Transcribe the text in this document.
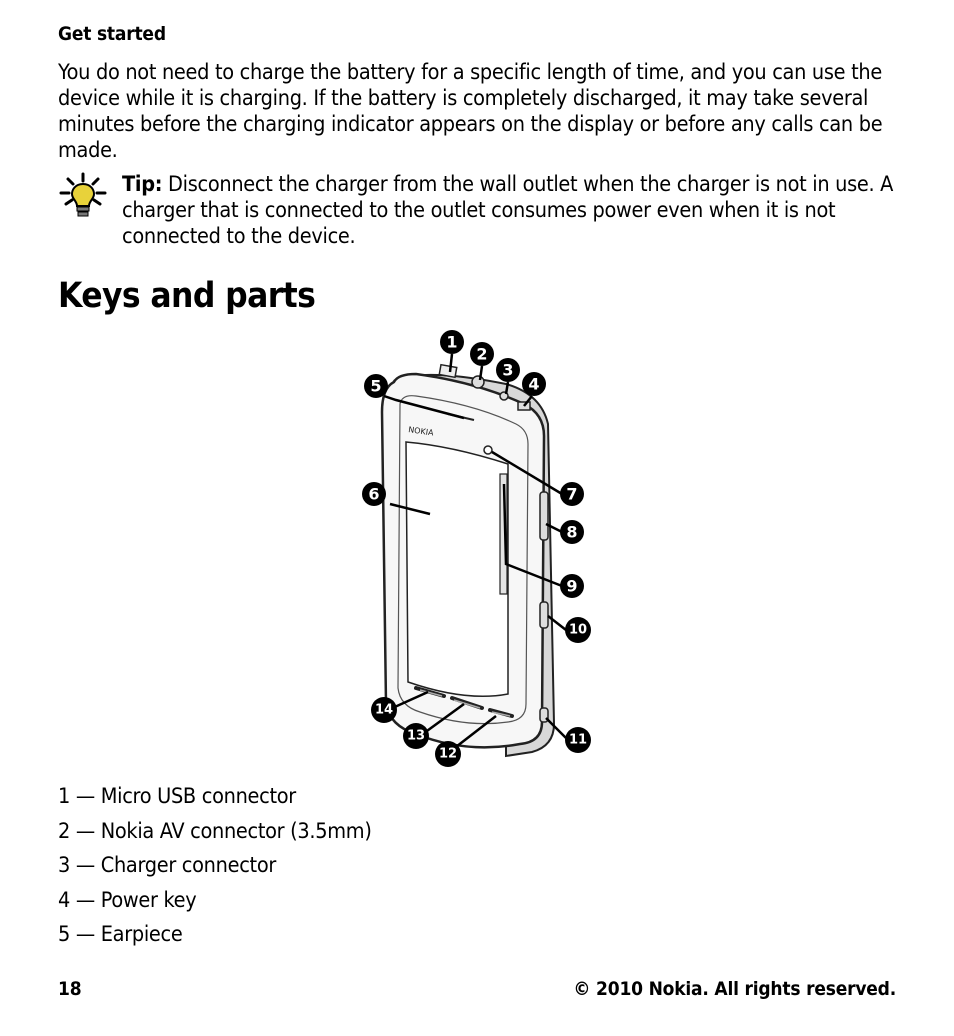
Get started
You do not need to charge the battery for a specific length of time, and you can use the device while it is charging. If the battery is completely discharged, it may take several minutes before the charging indicator appears on the display or before any calls can be made.
Tip: Disconnect the charger from the wall outlet when the charger is not in use. A charger that is connected to the outlet consumes power even when it is not connected to the device.
Keys and parts
NOKIA
1
2
3
4
5
6	7
8
9
10
11
12
13
14
1 — Micro USB connector
2 — Nokia AV connector (3.5mm)
3 — Charger connector
4 — Power key
5 — Earpiece
18	© 2010 Nokia. All rights reserved.
